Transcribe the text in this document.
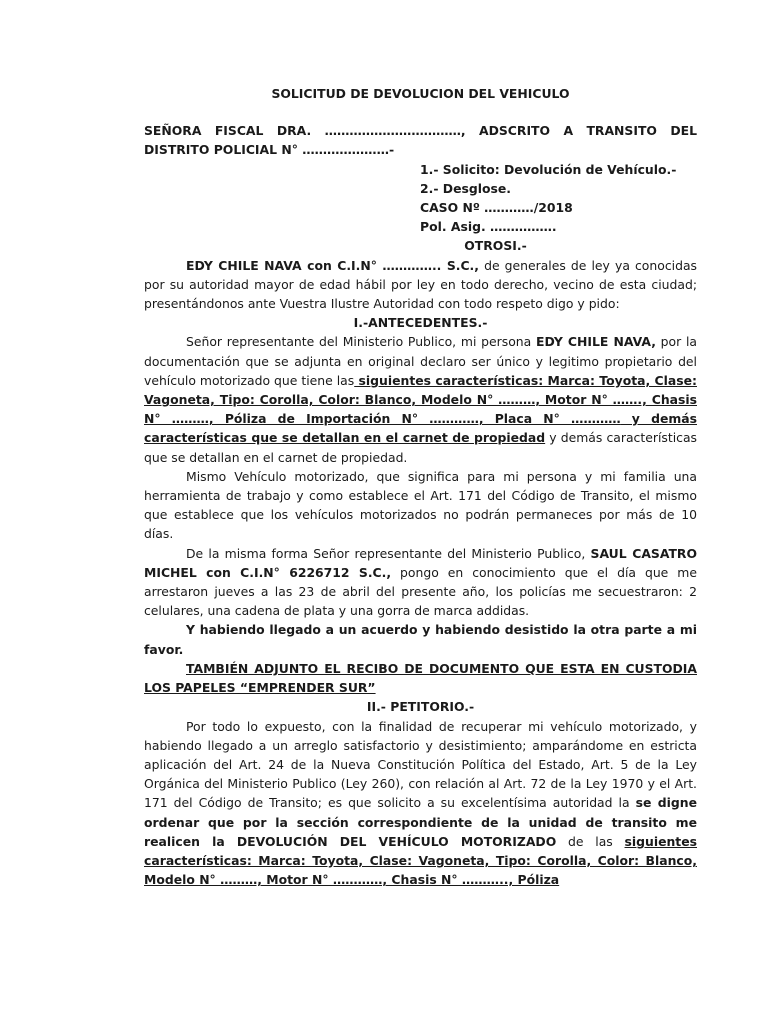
SOLICITUD DE DEVOLUCION DEL VEHICULO

SEÑORA FISCAL DRA. ……………………………, ADSCRITO A TRANSITO DEL DISTRITO POLICIAL N° …………………-

1.- Solicito: Devolución de Vehículo.-
2.- Desglose.
CASO Nº …………/2018
Pol. Asig. …………….
OTROSI.-

EDY CHILE NAVA con C.I.N° ………….. S.C., de generales de ley ya conocidas por su autoridad mayor de edad hábil por ley en todo derecho, vecino de esta ciudad; presentándonos ante Vuestra Ilustre Autoridad con todo respeto digo y pido:

I.-ANTECEDENTES.-

Señor representante del Ministerio Publico, mi persona EDY CHILE NAVA, por la documentación que se adjunta en original declaro ser único y legitimo propietario del vehículo motorizado que tiene las siguientes características: Marca: Toyota, Clase: Vagoneta, Tipo: Corolla, Color: Blanco, Modelo N° ………, Motor N° ……., Chasis N° ………, Póliza de Importación N° …………, Placa N° ………… y demás características que se detallan en el carnet de propiedad y demás características que se detallan en el carnet de propiedad.

Mismo Vehículo motorizado, que significa para mi persona y mi familia una herramienta de trabajo y como establece el Art. 171 del Código de Transito, el mismo que establece que los vehículos motorizados no podrán permaneces por más de 10 días.

De la misma forma Señor representante del Ministerio Publico, SAUL CASATRO MICHEL con C.I.N° 6226712 S.C., pongo en conocimiento que el día que me arrestaron jueves a las 23 de abril del presente año, los policías me secuestraron: 2 celulares, una cadena de plata y una gorra de marca addidas.

Y habiendo llegado a un acuerdo y habiendo desistido la otra parte a mi favor.

TAMBIÉN ADJUNTO EL RECIBO DE DOCUMENTO QUE ESTA EN CUSTODIA LOS PAPELES “EMPRENDER SUR”

II.- PETITORIO.-

Por todo lo expuesto, con la finalidad de recuperar mi vehículo motorizado, y habiendo llegado a un arreglo satisfactorio y desistimiento; amparándome en estricta aplicación del Art. 24 de la Nueva Constitución Política del Estado, Art. 5 de la Ley Orgánica del Ministerio Publico (Ley 260), con relación al Art. 72 de la Ley 1970 y el Art. 171 del Código de Transito; es que solicito a su excelentísima autoridad la se digne ordenar que por la sección correspondiente de la unidad de transito me realicen la DEVOLUCIÓN DEL VEHÍCULO MOTORIZADO de las siguientes características: Marca: Toyota, Clase: Vagoneta, Tipo: Corolla, Color: Blanco, Modelo N° ………, Motor N° …………, Chasis N° ……….., Póliza
